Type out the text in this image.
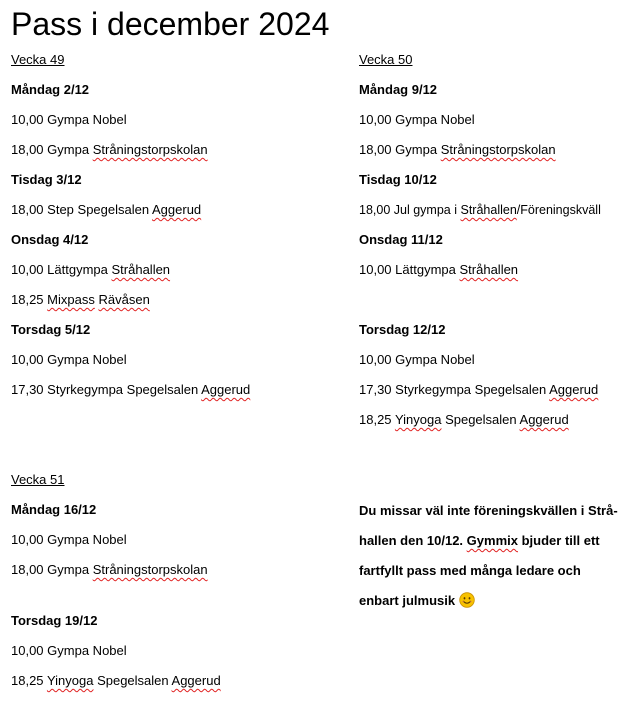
Pass i december 2024
Vecka 49
Måndag 2/12
10,00 Gympa Nobel
18,00 Gympa Stråningstorpskolan
Tisdag 3/12
18,00 Step Spegelsalen Aggerud
Onsdag 4/12
10,00 Lättgympa Stråhallen
18,25 Mixpass Rävåsen
Torsdag 5/12
10,00 Gympa Nobel
17,30 Styrkegympa Spegelsalen Aggerud
Vecka 50
Måndag 9/12
10,00 Gympa Nobel
18,00 Gympa Stråningstorpskolan
Tisdag 10/12
18,00 Jul gympa i Stråhallen/Föreningskväll
Onsdag 11/12
10,00 Lättgympa Stråhallen
Torsdag 12/12
10,00 Gympa Nobel
17,30 Styrkegympa Spegelsalen Aggerud
18,25 Yinyoga Spegelsalen Aggerud
Vecka 51
Måndag 16/12
10,00 Gympa Nobel
18,00 Gympa Stråningstorpskolan
Torsdag 19/12
10,00 Gympa Nobel
18,25 Yinyoga Spegelsalen Aggerud
Du missar väl inte föreningskvällen i Strå-
hallen den 10/12. Gymmix bjuder till ett
fartfyllt pass med många ledare och
enbart julmusik
